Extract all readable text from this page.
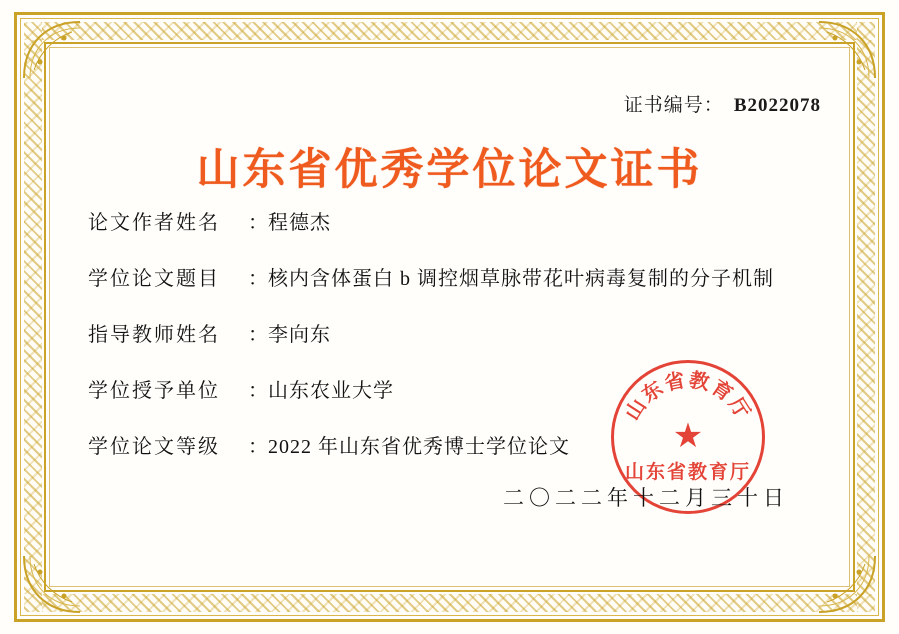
证书编号： B2022078
山东省优秀学位论文证书
论文作者姓名	： 程德杰
学位论文题目	： 核内含体蛋白 b 调控烟草脉带花叶病毒复制的分子机制
指导教师姓名	： 李向东
学位授予单位	： 山东农业大学
学位论文等级	： 2022 年山东省优秀博士学位论文
山东省教育厅
★
山东省教育厅
二〇二二年十二月三十日
